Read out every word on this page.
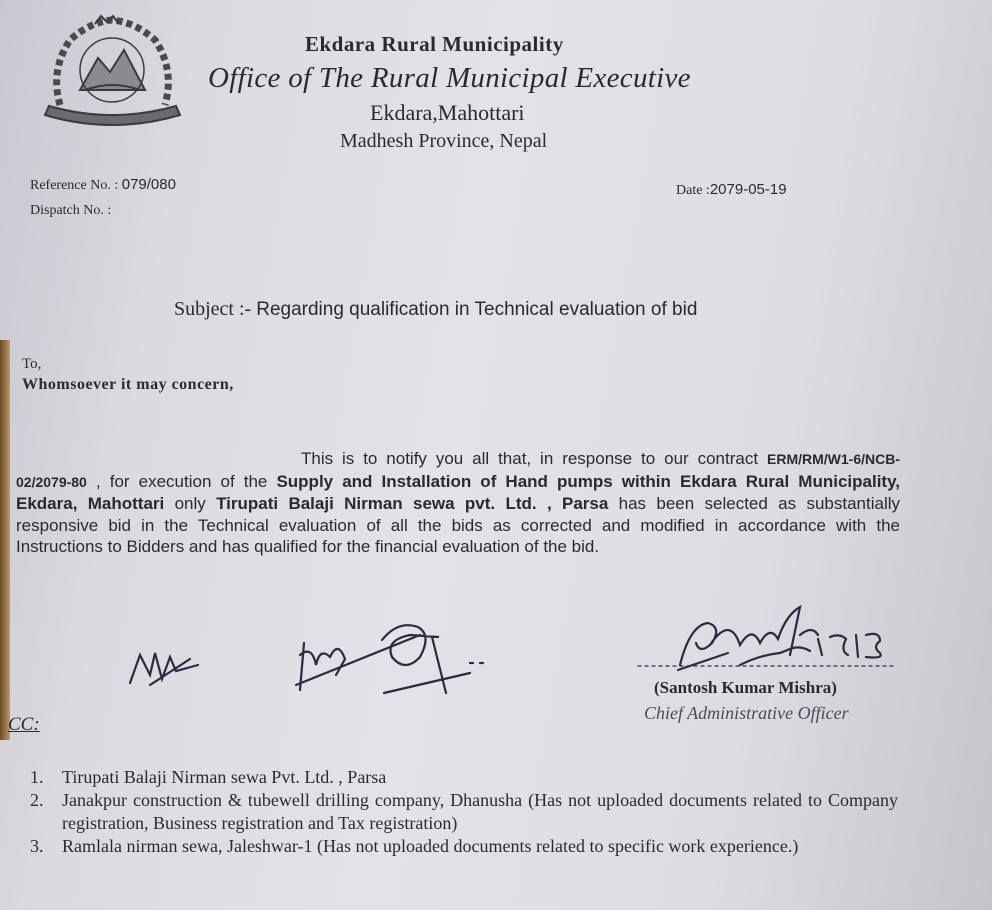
Ekdara Rural Municipality
Office of The Rural Municipal Executive
Ekdara,Mahottari
Madhesh Province, Nepal
Reference No. : 079/080
Dispatch No. :
Date :2079-05-19
Subject :- Regarding qualification in Technical evaluation of bid
To,
Whomsoever it may concern,

This is to notify you all that, in response to our contract ERM/RM/W1-6/NCB-02/2079-80 , for execution of the Supply and Installation of Hand pumps within Ekdara Rural Municipality, Ekdara, Mahottari only Tirupati Balaji Nirman sewa pvt. Ltd. , Parsa has been selected as substantially responsive bid in the Technical evaluation of all the bids as corrected and modified in accordance with the Instructions to Bidders and has qualified for the financial evaluation of the bid.

(Santosh Kumar Mishra)
Chief Administrative Officer
CC:
1.	Tirupati Balaji Nirman sewa Pvt. Ltd. , Parsa
2.	Janakpur construction & tubewell drilling company, Dhanusha (Has not uploaded documents related to Company registration, Business registration and Tax registration)
3.	Ramlala nirman sewa, Jaleshwar-1 (Has not uploaded documents related to specific work experience.)
